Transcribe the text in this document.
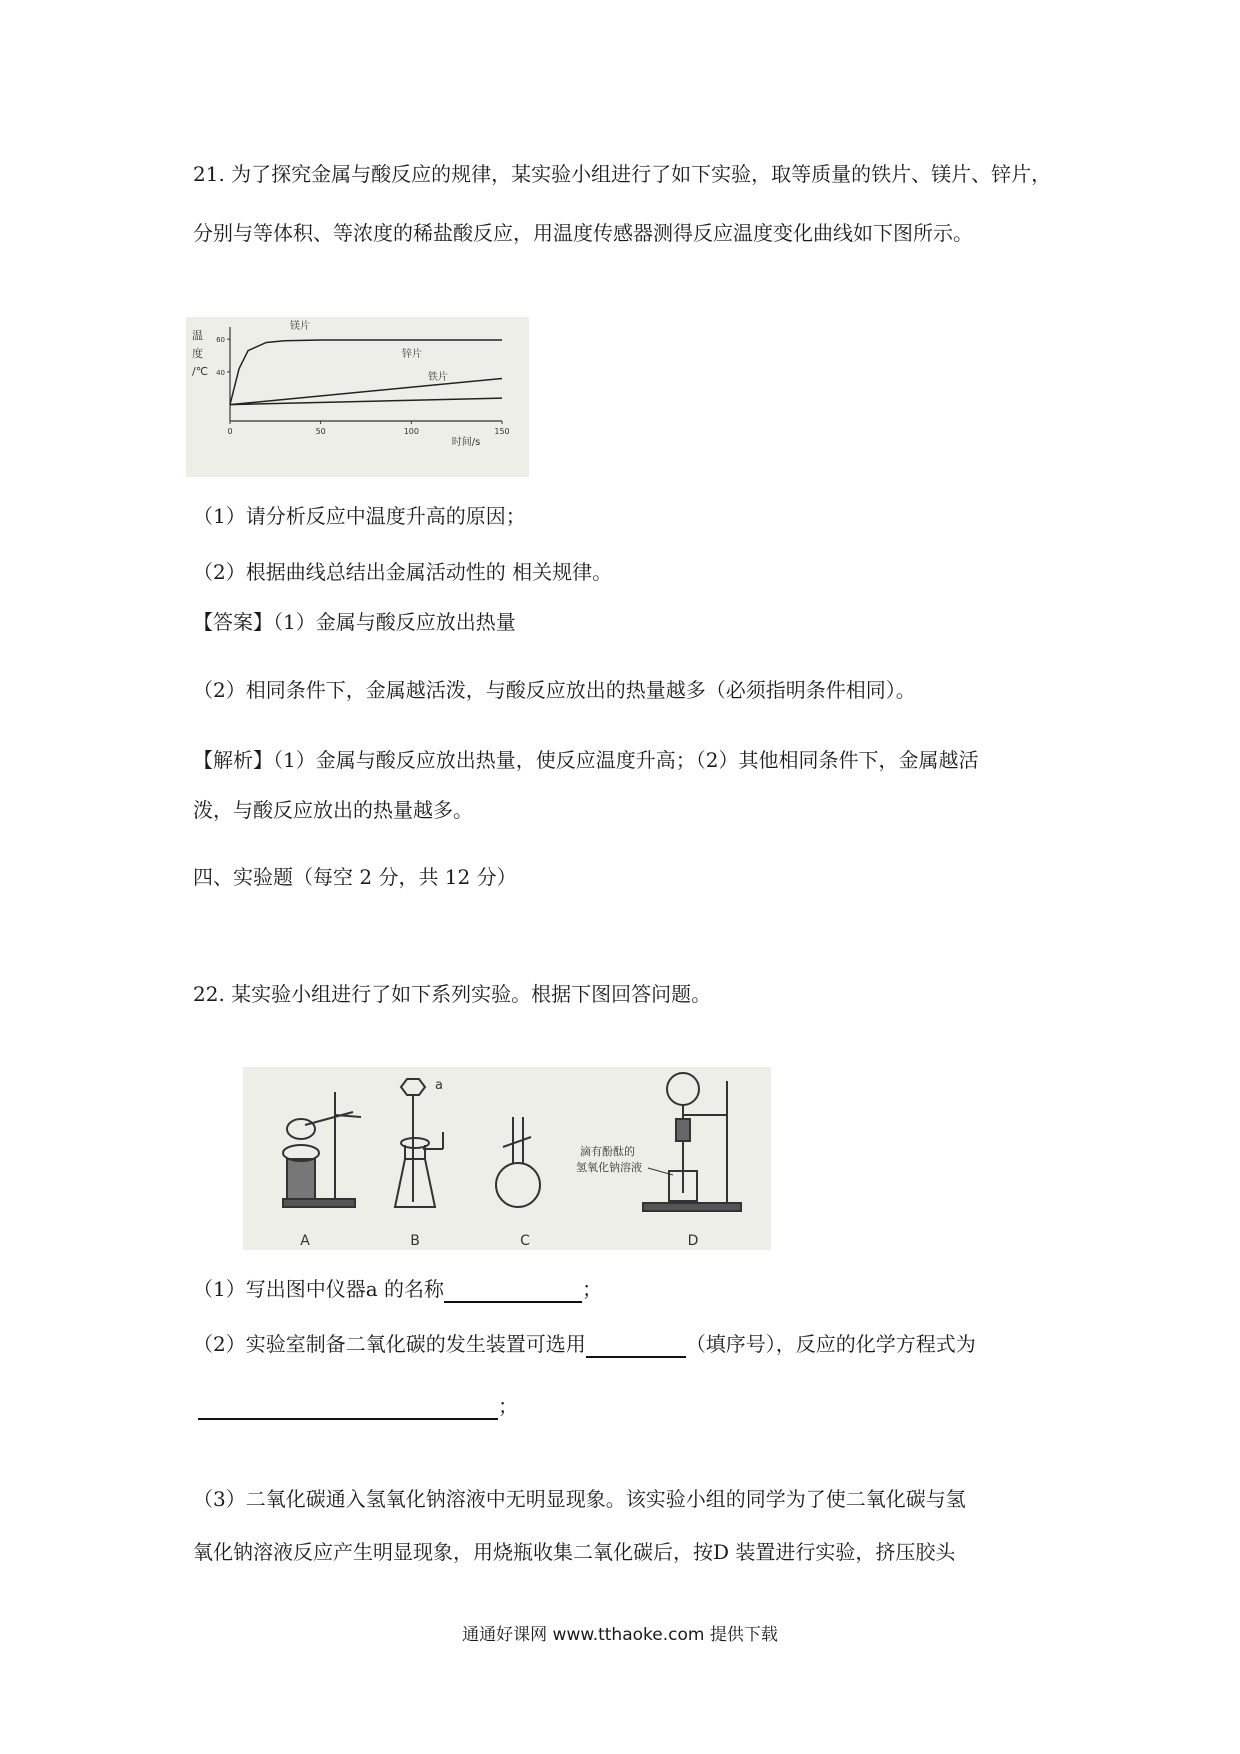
21. 为了探究金属与酸反应的规律，某实验小组进行了如下实验，取等质量的铁片、镁片、锌片，
分别与等体积、等浓度的稀盐酸反应，用温度传感器测得反应温度变化曲线如下图所示。
0	50	100	150
40
60
温
度
/℃
时间/s
镁片
锌片
铁片
（1）请分析反应中温度升高的原因；
（2）根据曲线总结出金属活动性的 相关规律。
【答案】（1）金属与酸反应放出热量
（2）相同条件下，金属越活泼，与酸反应放出的热量越多（必须指明条件相同）。
【解析】（1）金属与酸反应放出热量，使反应温度升高；（2）其他相同条件下，金属越活
泼，与酸反应放出的热量越多。
四、实验题（每空 2 分，共 12 分）
22. 某实验小组进行了如下系列实验。根据下图回答问题。
a
滴有酚酞的
氢氧化钠溶液
A	B	C	D
（1）写出图中仪器a 的名称	；
（2）实验室制备二氧化碳的发生装置可选用	（填序号），反应的化学方程式为
；
（3）二氧化碳通入氢氧化钠溶液中无明显现象。该实验小组的同学为了使二氧化碳与氢
氧化钠溶液反应产生明显现象，用烧瓶收集二氧化碳后，按D 装置进行实验，挤压胶头
通通好课网 www.tthaoke.com 提供下载
